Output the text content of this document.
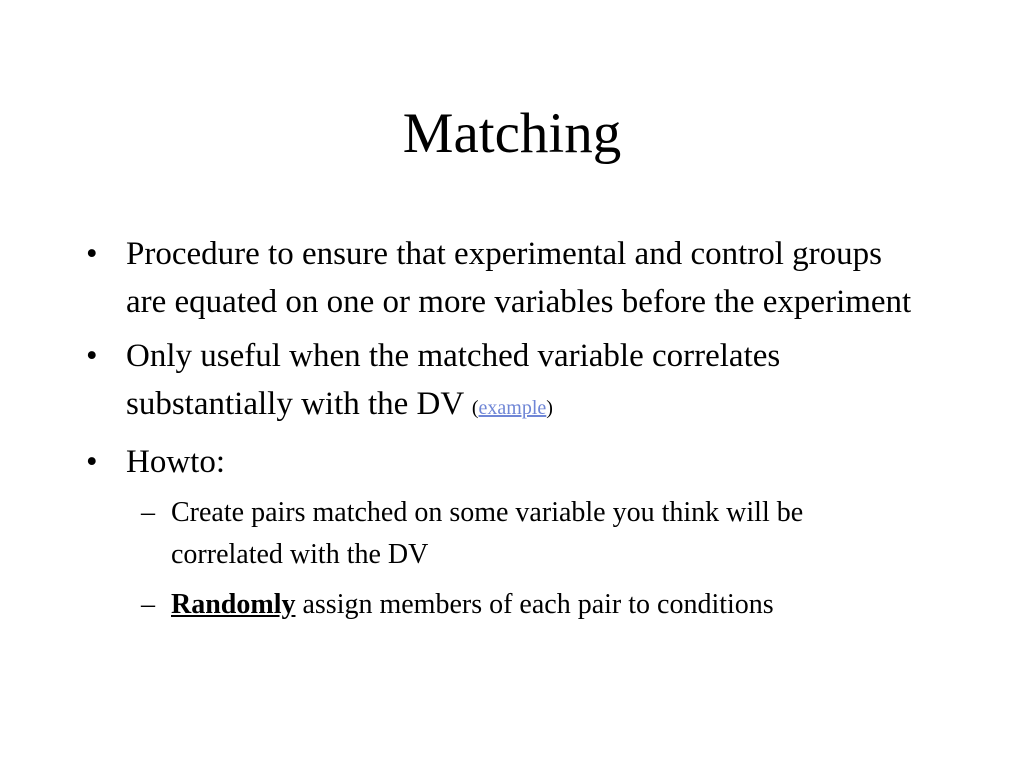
Matching
• Procedure to ensure that experimental and control groups are equated on one or more variables before the experiment
• Only useful when the matched variable correlates substantially with the DV (example)
• Howto:
– Create pairs matched on some variable you think will be correlated with the DV
– Randomly assign members of each pair to conditions
